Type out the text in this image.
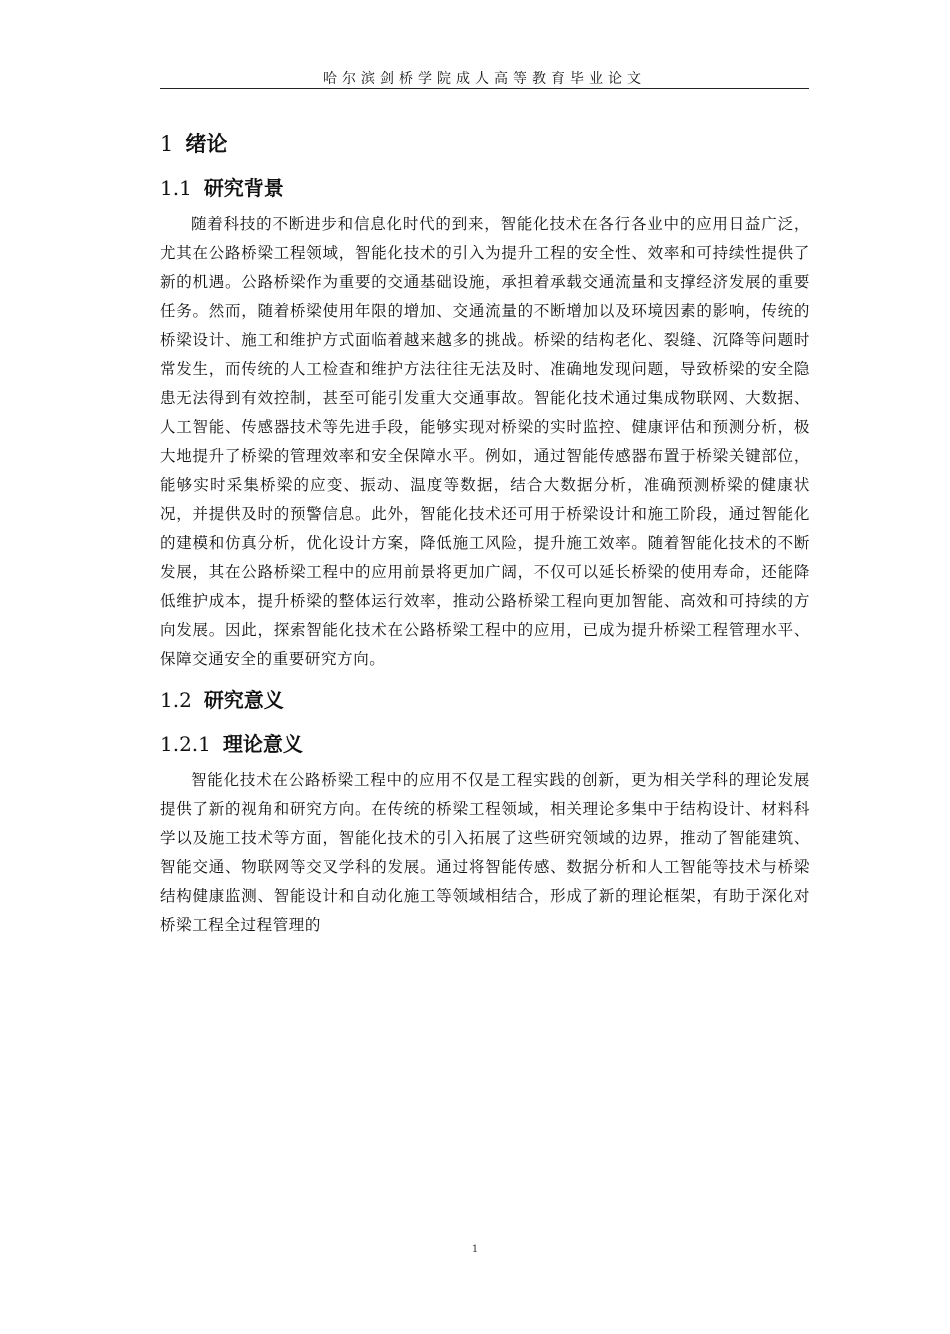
哈尔滨剑桥学院成人高等教育毕业论文
1 绪论
1.1 研究背景

随着科技的不断进步和信息化时代的到来，智能化技术在各行各业中的应用日益广泛，尤其在公路桥梁工程领域，智能化技术的引入为提升工程的安全性、效率和可持续性提供了新的机遇。公路桥梁作为重要的交通基础设施，承担着承载交通流量和支撑经济发展的重要任务。然而，随着桥梁使用年限的增加、交通流量的不断增加以及环境因素的影响，传统的桥梁设计、施工和维护方式面临着越来越多的挑战。桥梁的结构老化、裂缝、沉降等问题时常发生，而传统的人工检查和维护方法往往无法及时、准确地发现问题，导致桥梁的安全隐患无法得到有效控制，甚至可能引发重大交通事故。智能化技术通过集成物联网、大数据、人工智能、传感器技术等先进手段，能够实现对桥梁的实时监控、健康评估和预测分析，极大地提升了桥梁的管理效率和安全保障水平。例如，通过智能传感器布置于桥梁关键部位，能够实时采集桥梁的应变、振动、温度等数据，结合大数据分析，准确预测桥梁的健康状况，并提供及时的预警信息。此外，智能化技术还可用于桥梁设计和施工阶段，通过智能化的建模和仿真分析，优化设计方案，降低施工风险，提升施工效率。随着智能化技术的不断发展，其在公路桥梁工程中的应用前景将更加广阔，不仅可以延长桥梁的使用寿命，还能降低维护成本，提升桥梁的整体运行效率，推动公路桥梁工程向更加智能、高效和可持续的方向发展。因此，探索智能化技术在公路桥梁工程中的应用，已成为提升桥梁工程管理水平、保障交通安全的重要研究方向。

1.2 研究意义
1.2.1 理论意义

智能化技术在公路桥梁工程中的应用不仅是工程实践的创新，更为相关学科的理论发展提供了新的视角和研究方向。在传统的桥梁工程领域，相关理论多集中于结构设计、材料科学以及施工技术等方面，智能化技术的引入拓展了这些研究领域的边界，推动了智能建筑、智能交通、物联网等交叉学科的发展。通过将智能传感、数据分析和人工智能等技术与桥梁结构健康监测、智能设计和自动化施工等领域相结合，形成了新的理论框架，有助于深化对桥梁工程全过程管理的

1
